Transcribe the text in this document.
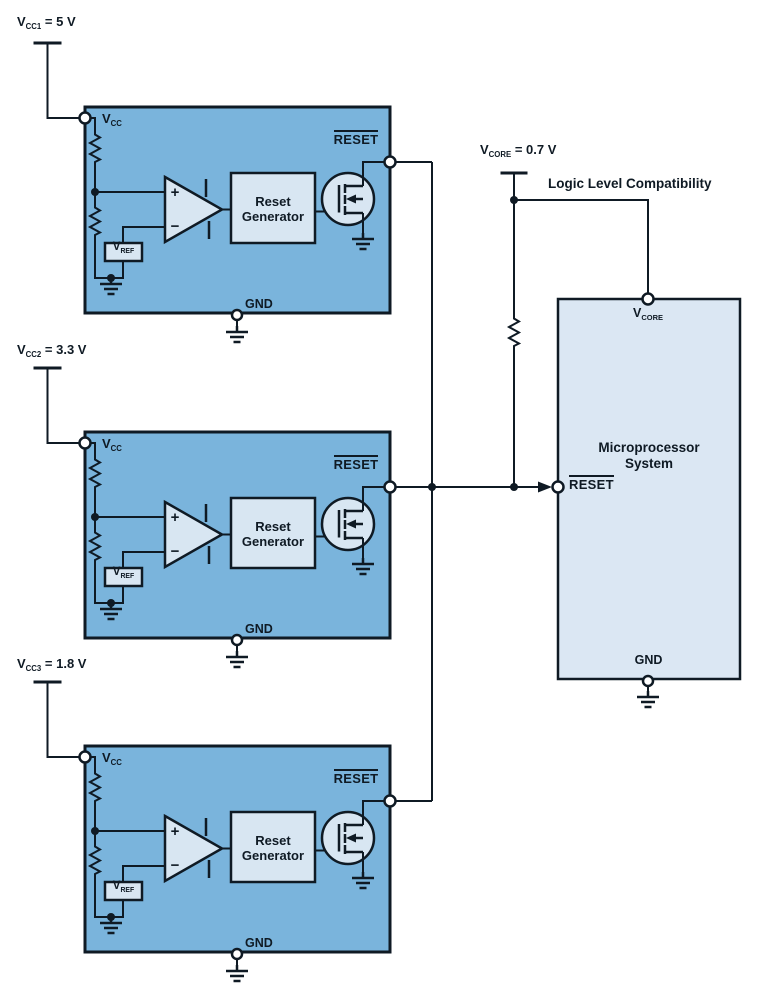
$V_{CC1} = 5$ V
$V_{CC}$
RESET
Reset
Generator
$V_{REF}$
+
−
GND
$V_{CC2} = 3.3$ V
$V_{CC}$
RESET
Reset
Generator
$V_{REF}$
+
−
GND
$V_{CC3} = 1.8$ V
$V_{CC}$
RESET
Reset
Generator
$V_{REF}$
+
−
GND
$V_{CORE} = 0.7$ V
Logic Level Compatibility
$V_{CORE}$
Microprocessor
System
RESET
GND
